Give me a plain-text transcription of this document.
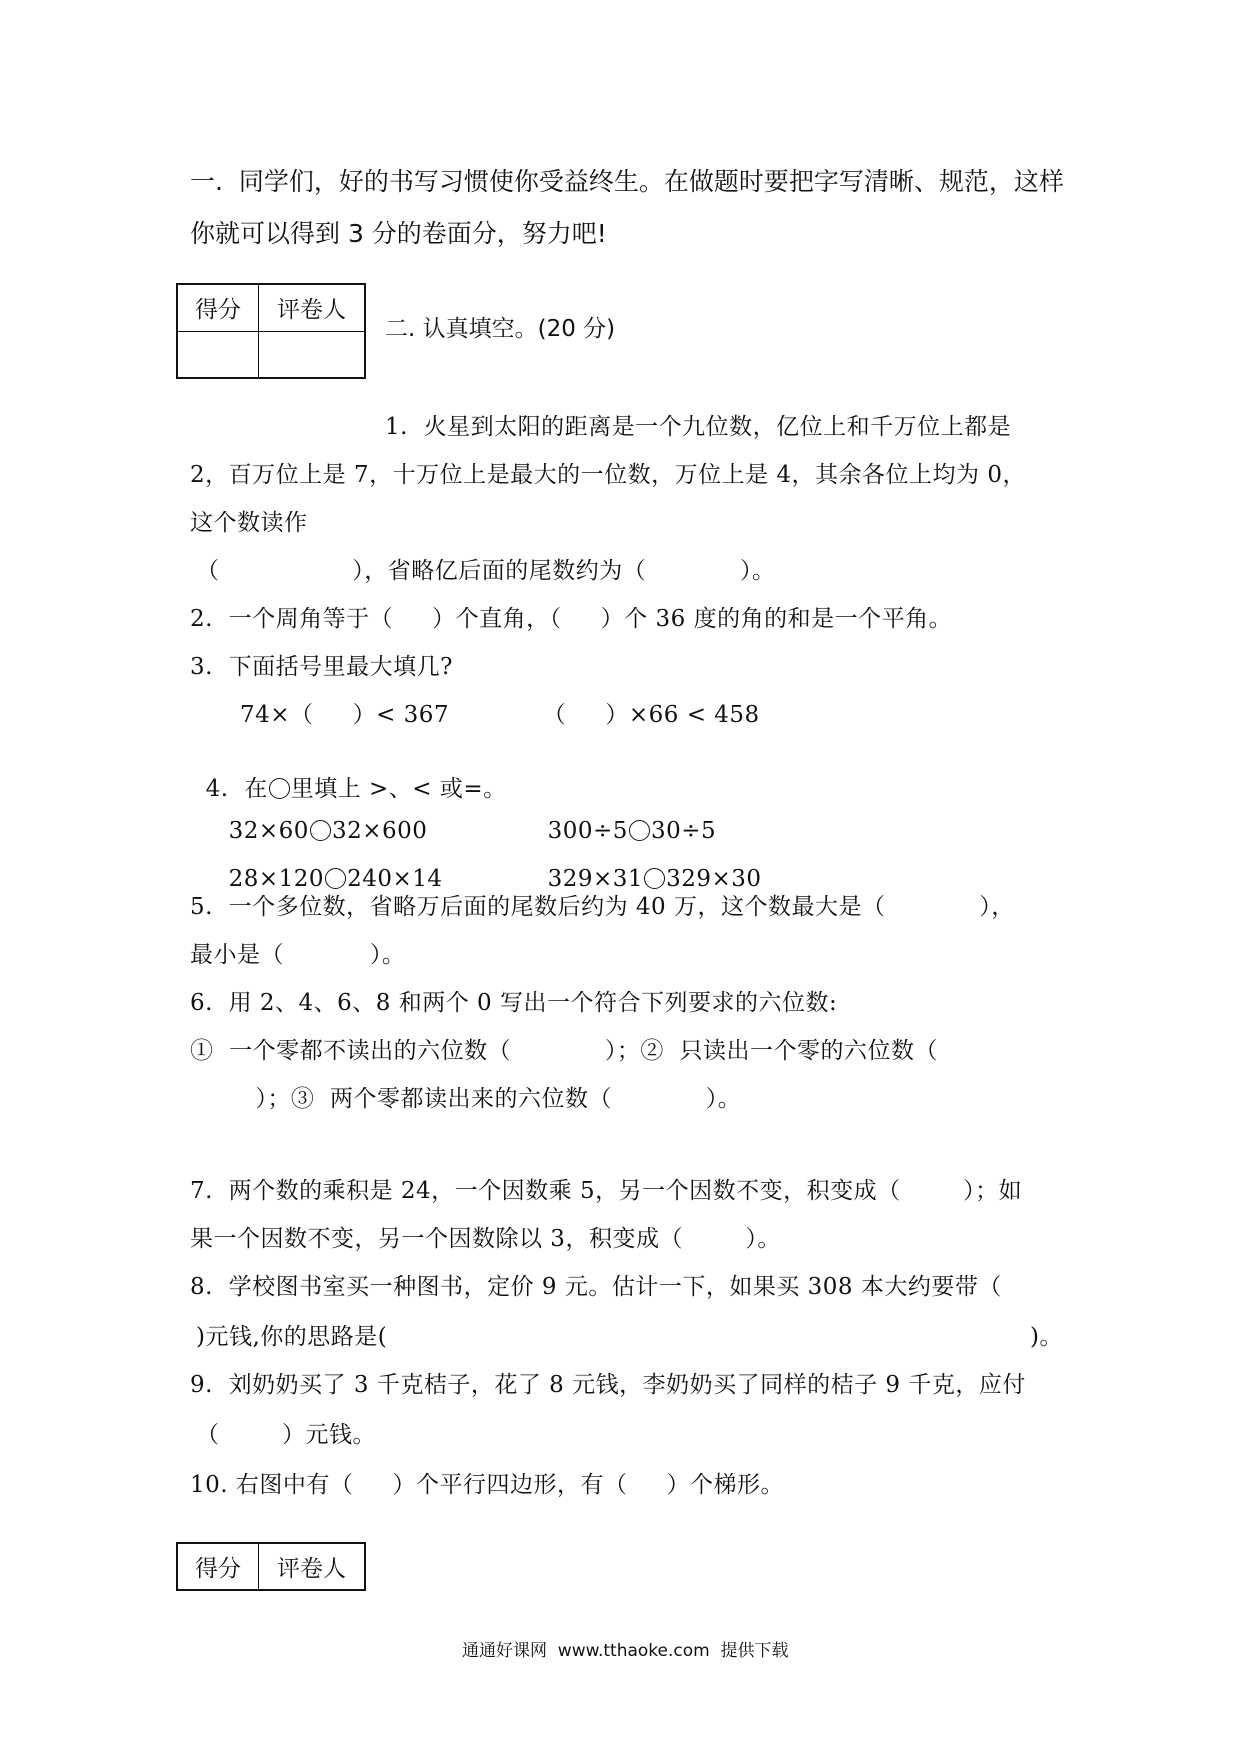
一.  同学们，好的书写习惯使你受益终生。在做题时要把字写清晰、规范，这样
你就可以得到 3 分的卷面分，努力吧!
得分	评卷人

二. 认真填空。(20 分)
1.  火星到太阳的距离是一个九位数，亿位上和千万位上都是
2，百万位上是 7，十万位上是最大的一位数，万位上是 4，其余各位上均为 0，
这个数读作
（                 ），省略亿后面的尾数约为（            ）。
2.  一个周角等于（     ）个直角，（     ）个 36 度的角的和是一个平角。
3.  下面括号里最大填几?
74×（     ）< 367            （     ）×66 < 458

4.  在 里填上 >、< 或=。

32×60 32×600	300÷5 30÷5

28×120 240×14	329×31 329×30

5.  一个多位数，省略万后面的尾数后约为 40 万，这个数最大是（            ），
最小是（           ）。
6.  用 2、4、6、8 和两个 0 写出一个符合下列要求的六位数:
①  一个零都不读出的六位数（            ）；②  只读出一个零的六位数（
）；③  两个零都读出来的六位数（            ）。
7.  两个数的乘积是 24，一个因数乘 5，另一个因数不变，积变成（        ）；如
果一个因数不变，另一个因数除以 3，积变成（        ）。
8.  学校图书室买一种图书，定价 9 元。估计一下，如果买 308 本大约要带（
)元钱,你的思路是(	)。
9.  刘奶奶买了 3 千克桔子，花了 8 元钱，李奶奶买了同样的桔子 9 千克，应付
（        ）元钱。
10. 右图中有（     ）个平行四边形，有（     ）个梯形。
得分	评卷人
通通好课网  www.tthaoke.com  提供下载
